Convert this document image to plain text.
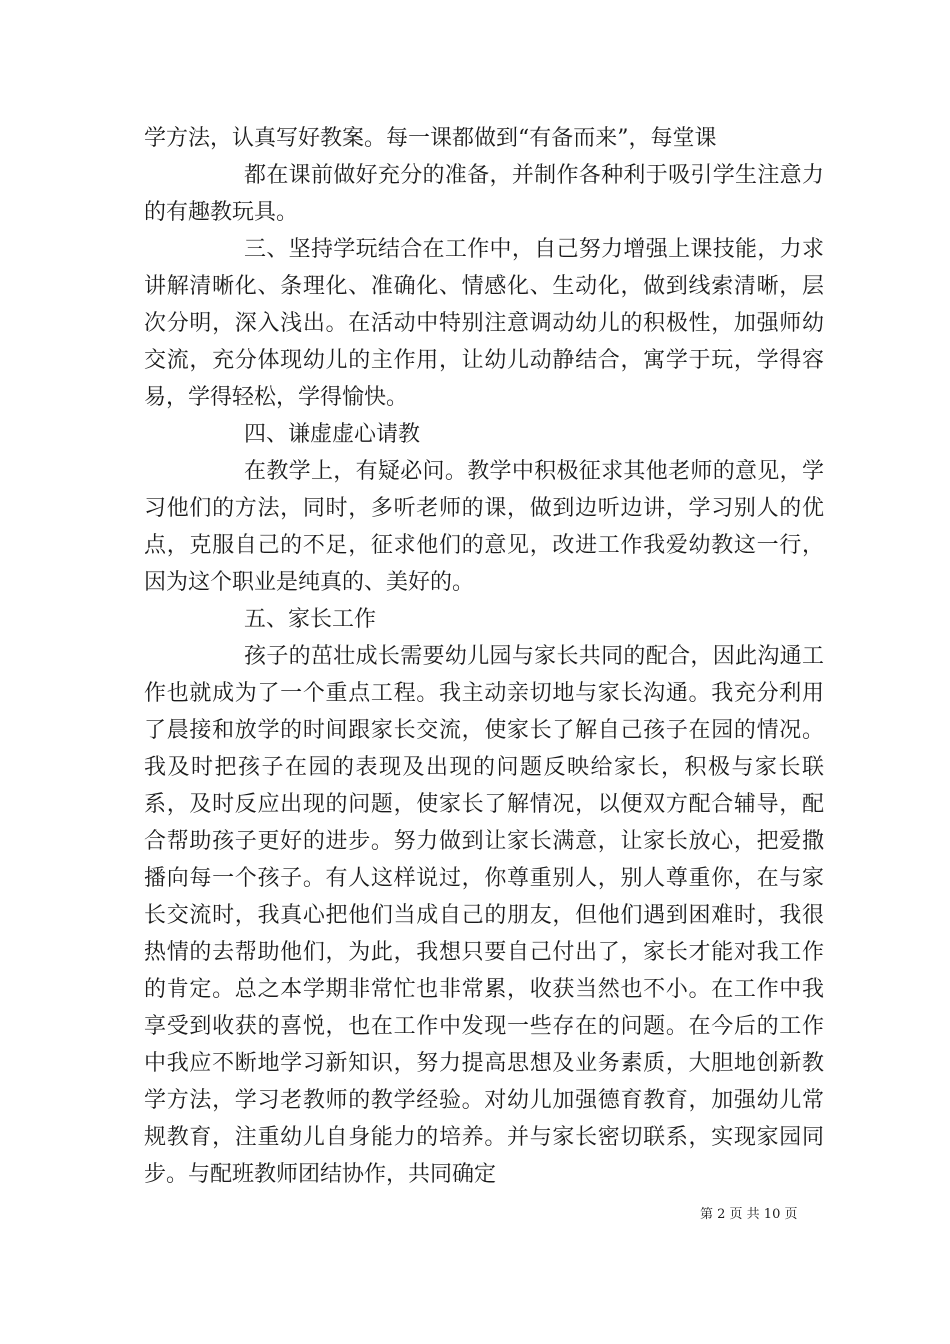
学方法，认真写好教案。每一课都做到“有备而来”，每堂课

都在课前做好充分的准备，并制作各种利于吸引学生注意力的有趣教玩具。

三、坚持学玩结合在工作中，自己努力增强上课技能，力求讲解清晰化、条理化、准确化、情感化、生动化，做到线索清晰，层次分明，深入浅出。在活动中特别注意调动幼儿的积极性，加强师幼交流，充分体现幼儿的主作用，让幼儿动静结合，寓学于玩，学得容易，学得轻松，学得愉快。

四、谦虚虚心请教

在教学上，有疑必问。教学中积极征求其他老师的意见，学习他们的方法，同时，多听老师的课，做到边听边讲，学习别人的优点，克服自己的不足，征求他们的意见，改进工作我爱幼教这一行，因为这个职业是纯真的、美好的。

五、家长工作

孩子的茁壮成长需要幼儿园与家长共同的配合，因此沟通工作也就成为了一个重点工程。我主动亲切地与家长沟通。我充分利用了晨接和放学的时间跟家长交流，使家长了解自己孩子在园的情况。我及时把孩子在园的表现及出现的问题反映给家长，积极与家长联系，及时反应出现的问题，使家长了解情况，以便双方配合辅导，配合帮助孩子更好的进步。努力做到让家长满意，让家长放心，把爱撒播向每一个孩子。有人这样说过，你尊重别人，别人尊重你，在与家长交流时，我真心把他们当成自己的朋友，但他们遇到困难时，我很热情的去帮助他们，为此，我想只要自己付出了，家长才能对我工作的肯定。总之本学期非常忙也非常累，收获当然也不小。在工作中我享受到收获的喜悦，也在工作中发现一些存在的问题。在今后的工作中我应不断地学习新知识，努力提高思想及业务素质，大胆地创新教学方法，学习老教师的教学经验。对幼儿加强德育教育，加强幼儿常规教育，注重幼儿自身能力的培养。并与家长密切联系，实现家园同步。与配班教师团结协作，共同确定

第 2 页 共 10 页
